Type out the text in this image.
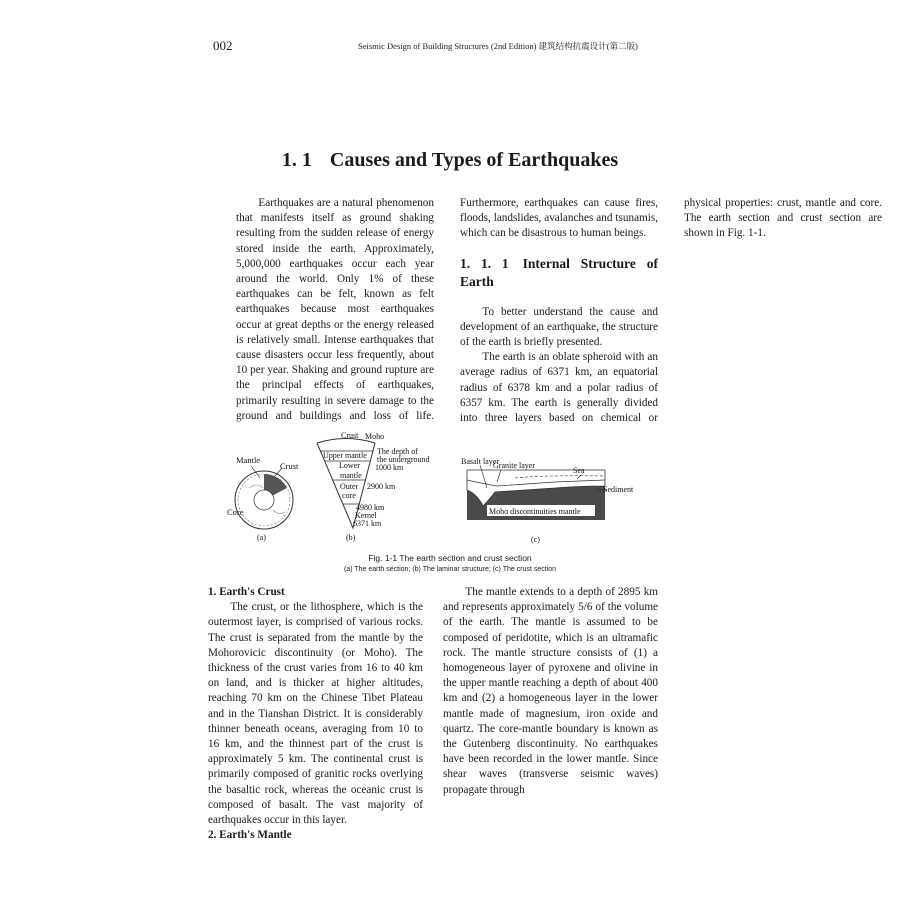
002	Seismic Design of Building Structures (2nd Edition) 建筑结构抗震设计(第二版)
1. 1 Causes and Types of Earthquakes

Earthquakes are a natural phenomenon that manifests itself as ground shaking resulting from the sudden release of energy stored inside the earth. Approximately, 5,000,000 earthquakes occur each year around the world. Only 1% of these earthquakes can be felt, known as felt earthquakes because most earthquakes occur at great depths or the energy released is relatively small. Intense earthquakes that cause disasters occur less frequently, about 10 per year. Shaking and ground rupture are the principal effects of earthquakes, primarily resulting in severe damage to the ground and buildings and loss of life. Furthermore, earthquakes can cause fires, floods, landslides, avalanches and tsunamis, which can be disastrous to human beings.

1. 1. 1 Internal Structure of Earth

To better understand the cause and development of an earthquake, the structure of the earth is briefly presented.

The earth is an oblate spheroid with an average radius of 6371 km, an equatorial radius of 6378 km and a polar radius of 6357 km. The earth is generally divided into three layers based on chemical or physical properties: crust, mantle and core. The earth section and crust section are shown in Fig. 1-1.

Mantle
Crust
Core
(a)
Crust Moho
Upper mantle
Lower
mantle
Outer
core
The depth of
the underground
1000 km
2900 km
4980 km
Kernel
6371 km
(b)
Basalt layer
Granite layer
Sea
Sediment
Moho discontinuities mantle
(c)
Fig. 1-1 The earth section and crust section
(a) The earth section; (b) The laminar structure; (c) The crust section

1. Earth's Crust

The crust, or the lithosphere, which is the outermost layer, is comprised of various rocks. The crust is separated from the mantle by the Mohorovicic discontinuity (or Moho). The thickness of the crust varies from 16 to 40 km on land, and is thicker at higher altitudes, reaching 70 km on the Chinese Tibet Plateau and in the Tianshan District. It is considerably thinner beneath oceans, averaging from 10 to 16 km, and the thinnest part of the crust is approximately 5 km. The continental crust is primarily composed of granitic rocks overlying the basaltic rock, whereas the oceanic crust is composed of basalt. The vast majority of earthquakes occur in this layer.

2. Earth's Mantle

The mantle extends to a depth of 2895 km and represents approximately 5/6 of the volume of the earth. The mantle is assumed to be composed of peridotite, which is an ultramafic rock. The mantle structure consists of (1) a homogeneous layer of pyroxene and olivine in the upper mantle reaching a depth of about 400 km and (2) a homogeneous layer in the lower mantle made of magnesium, iron oxide and quartz. The core-mantle boundary is known as the Gutenberg discontinuity. No earthquakes have been recorded in the lower mantle. Since shear waves (transverse seismic waves) propagate through
